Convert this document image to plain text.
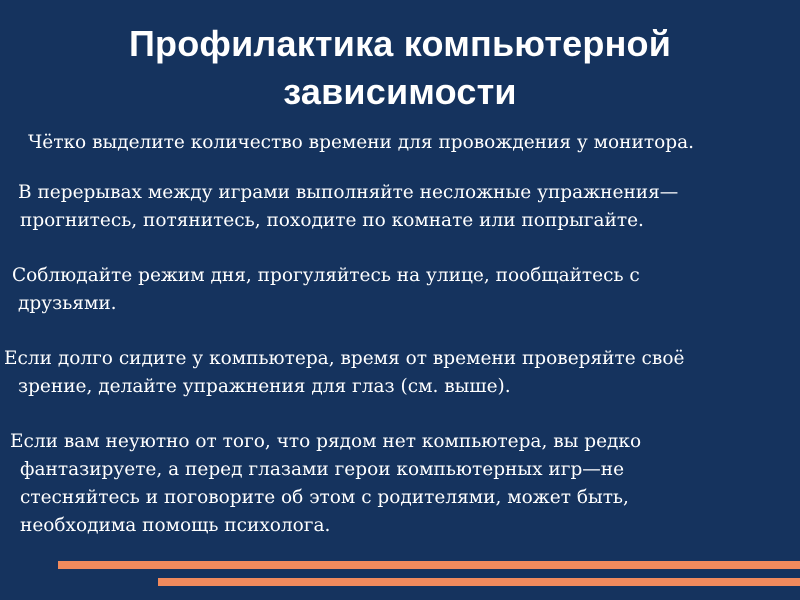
Профилактика компьютерной
зависимости
Чётко выделите количество времени для провождения у монитора.
В перерывах между играми выполняйте несложные упражнения—
прогнитесь, потянитесь, походите по комнате или попрыгайте.
Соблюдайте режим дня, прогуляйтесь на улице, пообщайтесь с
друзьями.
Если долго сидите у компьютера, время от времени проверяйте своё
зрение, делайте упражнения для глаз (см. выше).
Если вам неуютно от того, что рядом нет компьютера, вы редко
фантазируете, а перед глазами герои компьютерных игр—не
стесняйтесь и поговорите об этом с родителями, может быть,
необходима помощь психолога.
